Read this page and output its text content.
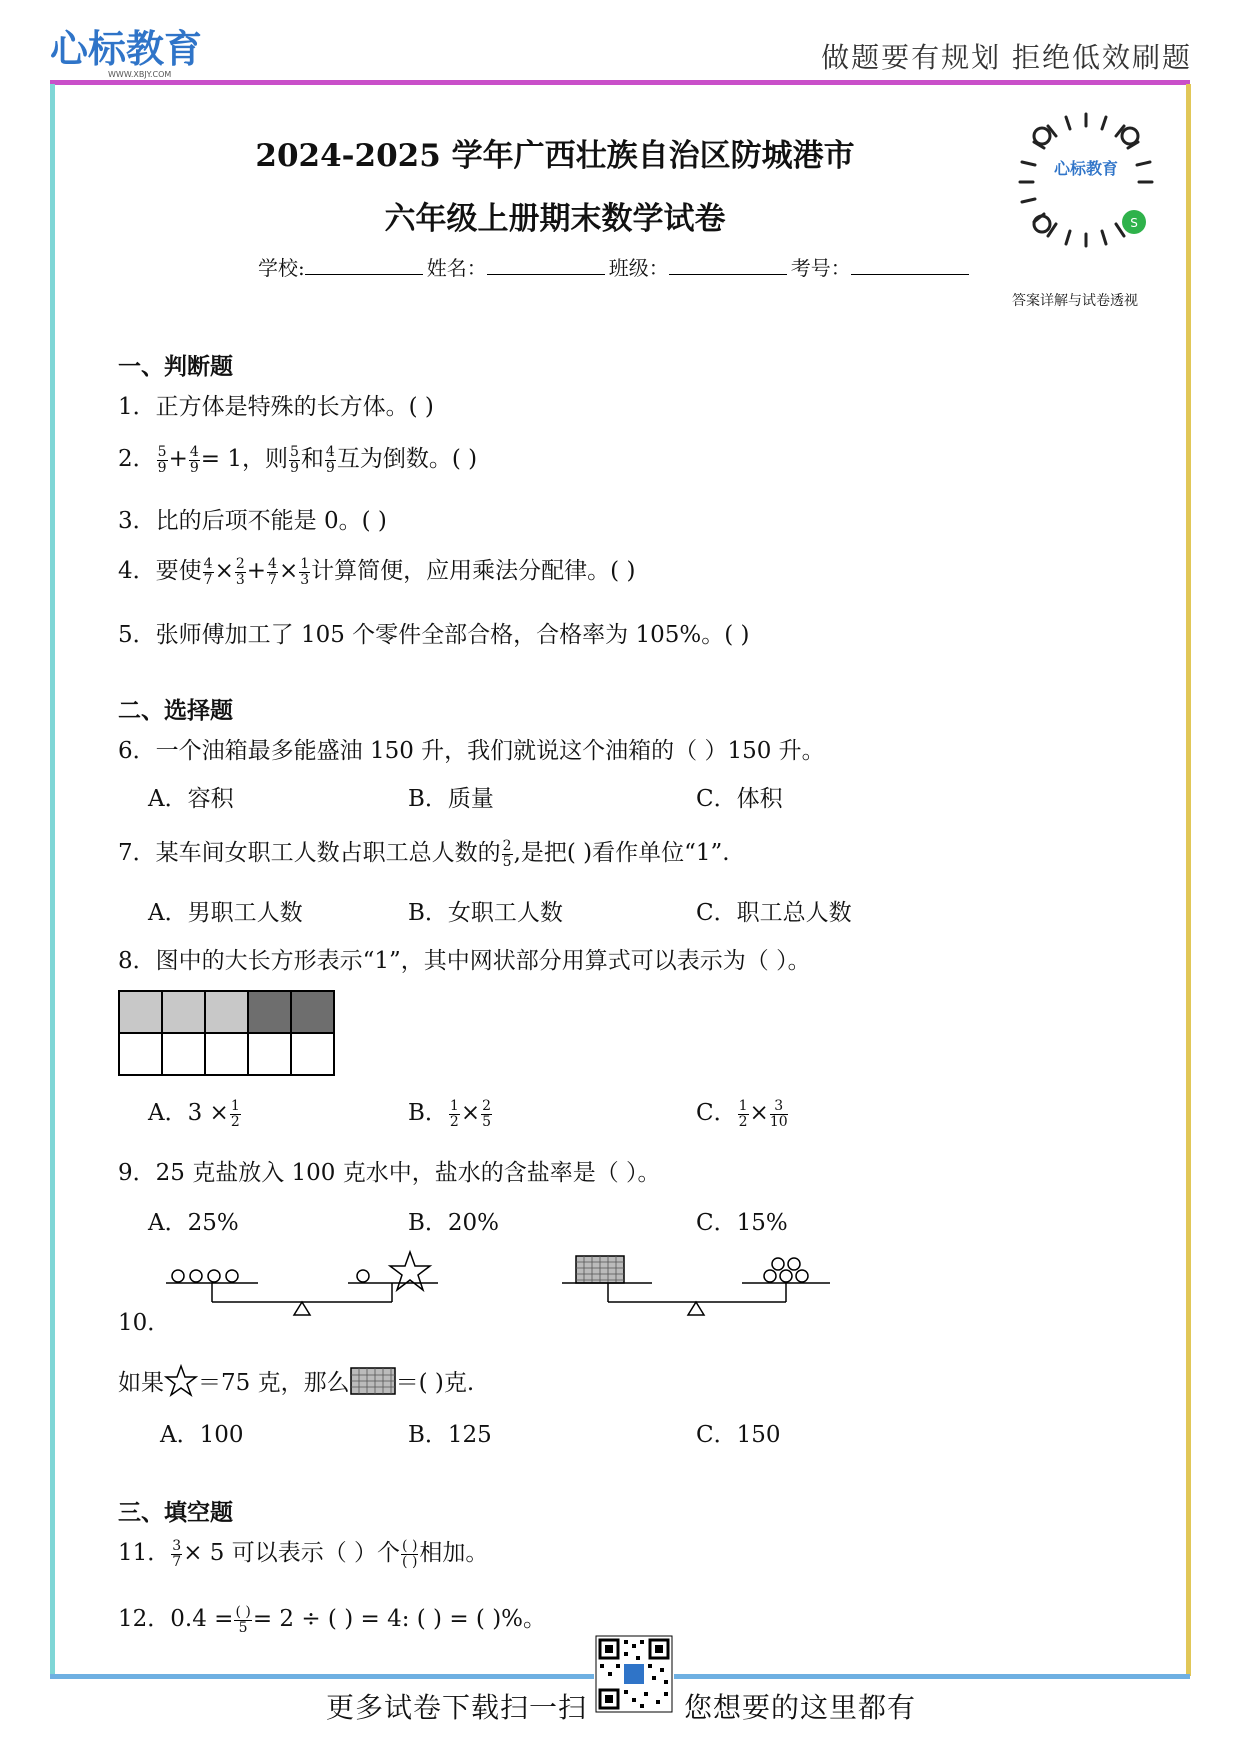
心标教育
WWW.XBJY.COM
做题要有规划 拒绝低效刷题
2024-2025 学年广西壮族自治区防城港市
六年级上册期末数学试卷
学校:	姓名：	班级：	考号：
心标教育
S
答案详解与试卷透视
一、判断题
1．正方体是特殊的长方体。( )
2． $\frac{5}{9} + \frac{4}{9} = 1$，则 $\frac{5}{9}$ 和 $\frac{4}{9}$ 互为倒数。( )
3．比的后项不能是 0。( )
4．要使 $\frac{4}{7} \times \frac{2}{3} + \frac{4}{7} \times \frac{1}{3}$ 计算简便，应用乘法分配律。( )
5．张师傅加工了 105 个零件全部合格，合格率为 105%。( )
二、选择题
6．一个油箱最多能盛油 150 升，我们就说这个油箱的（ ）150 升。
A．容积	B．质量	C．体积
7．某车间女职工人数占职工总人数的 $\frac{2}{5}$ ,是把( )看作单位“1”.
A．男职工人数	B．女职工人数	C．职工总人数
8．图中的大长方形表示“1”，其中网状部分用算式可以表示为（ ）。

A．$3 \times \frac{1}{2}$	B． $\frac{1}{2} \times \frac{2}{5}$	C． $\frac{1}{2} \times \frac{3}{10}$
9．25 克盐放入 100 克水中，盐水的含盐率是（ ）。
A．25%	B．20%	C．15%
10．
如果 ＝75 克，那么 ＝( )克.
A．100	B．125	C．150
三、填空题
11． $\frac{3}{7} \times 5$ 可以表示（ ）个 $\frac{( )}{( )}$ 相加。
12．$0.4 = \frac{( )}{5} = 2$ ÷ ( ) = 4: ( ) = ( )%。
更多试卷下载扫一扫	您想要的这里都有
